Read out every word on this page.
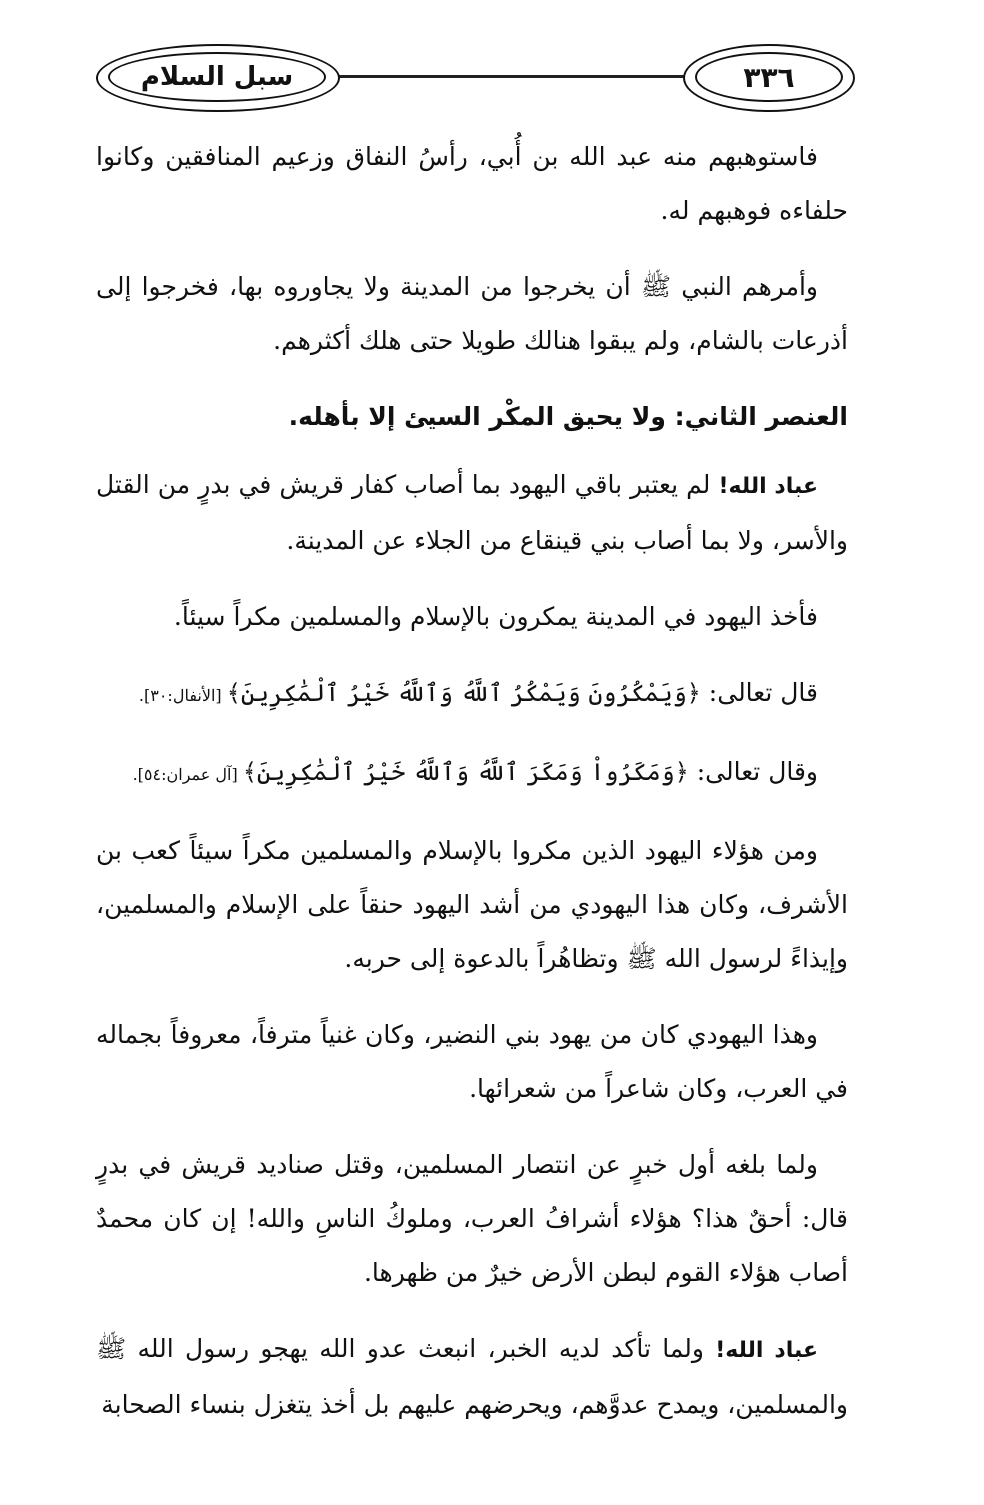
سبل السلام	٣٣٦

فاستوهبهم منه عبد الله بن أُبي، رأسُ النفاق وزعيم المنافقين وكانوا حلفاءه فوهبهم له.

وأمرهم النبي ﷺ أن يخرجوا من المدينة ولا يجاوروه بها، فخرجوا إلى أذرعات بالشام، ولم يبقوا هنالك طويلا حتى هلك أكثرهم.

العنصر الثاني: ولا يحيق المكْر السيئ إلا بأهله.

عباد الله! لم يعتبر باقي اليهود بما أصاب كفار قريش في بدرٍ من القتل والأسر، ولا بما أصاب بني قينقاع من الجلاء عن المدينة.

فأخذ اليهود في المدينة يمكرون بالإسلام والمسلمين مكراً سيئاً.

قال تعالى: ﴿وَيَمْكُرُونَ وَيَمْكُرُ ٱللَّهُ وَٱللَّهُ خَيْرُ ٱلْمَٰكِرِينَ﴾ [الأنفال:٣٠].

وقال تعالى: ﴿وَمَكَرُواْ وَمَكَرَ ٱللَّهُ وَٱللَّهُ خَيْرُ ٱلْمَٰكِرِينَ﴾ [آل عمران:٥٤].

ومن هؤلاء اليهود الذين مكروا بالإسلام والمسلمين مكراً سيئاً كعب بن الأشرف، وكان هذا اليهودي من أشد اليهود حنقاً على الإسلام والمسلمين، وإيذاءً لرسول الله ﷺ وتظاهُراً بالدعوة إلى حربه.

وهذا اليهودي كان من يهود بني النضير، وكان غنياً مترفاً، معروفاً بجماله في العرب، وكان شاعراً من شعرائها.

ولما بلغه أول خبرٍ عن انتصار المسلمين، وقتل صناديد قريش في بدرٍ قال: أحقٌ هذا؟ هؤلاء أشرافُ العرب، وملوكُ الناسِ والله! إن كان محمدٌ أصاب هؤلاء القوم لبطن الأرض خيرٌ من ظهرها.

عباد الله! ولما تأكد لديه الخبر، انبعث عدو الله يهجو رسول الله ﷺ والمسلمين، ويمدح عدوَّهم، ويحرضهم عليهم بل أخذ يتغزل بنساء الصحابة
